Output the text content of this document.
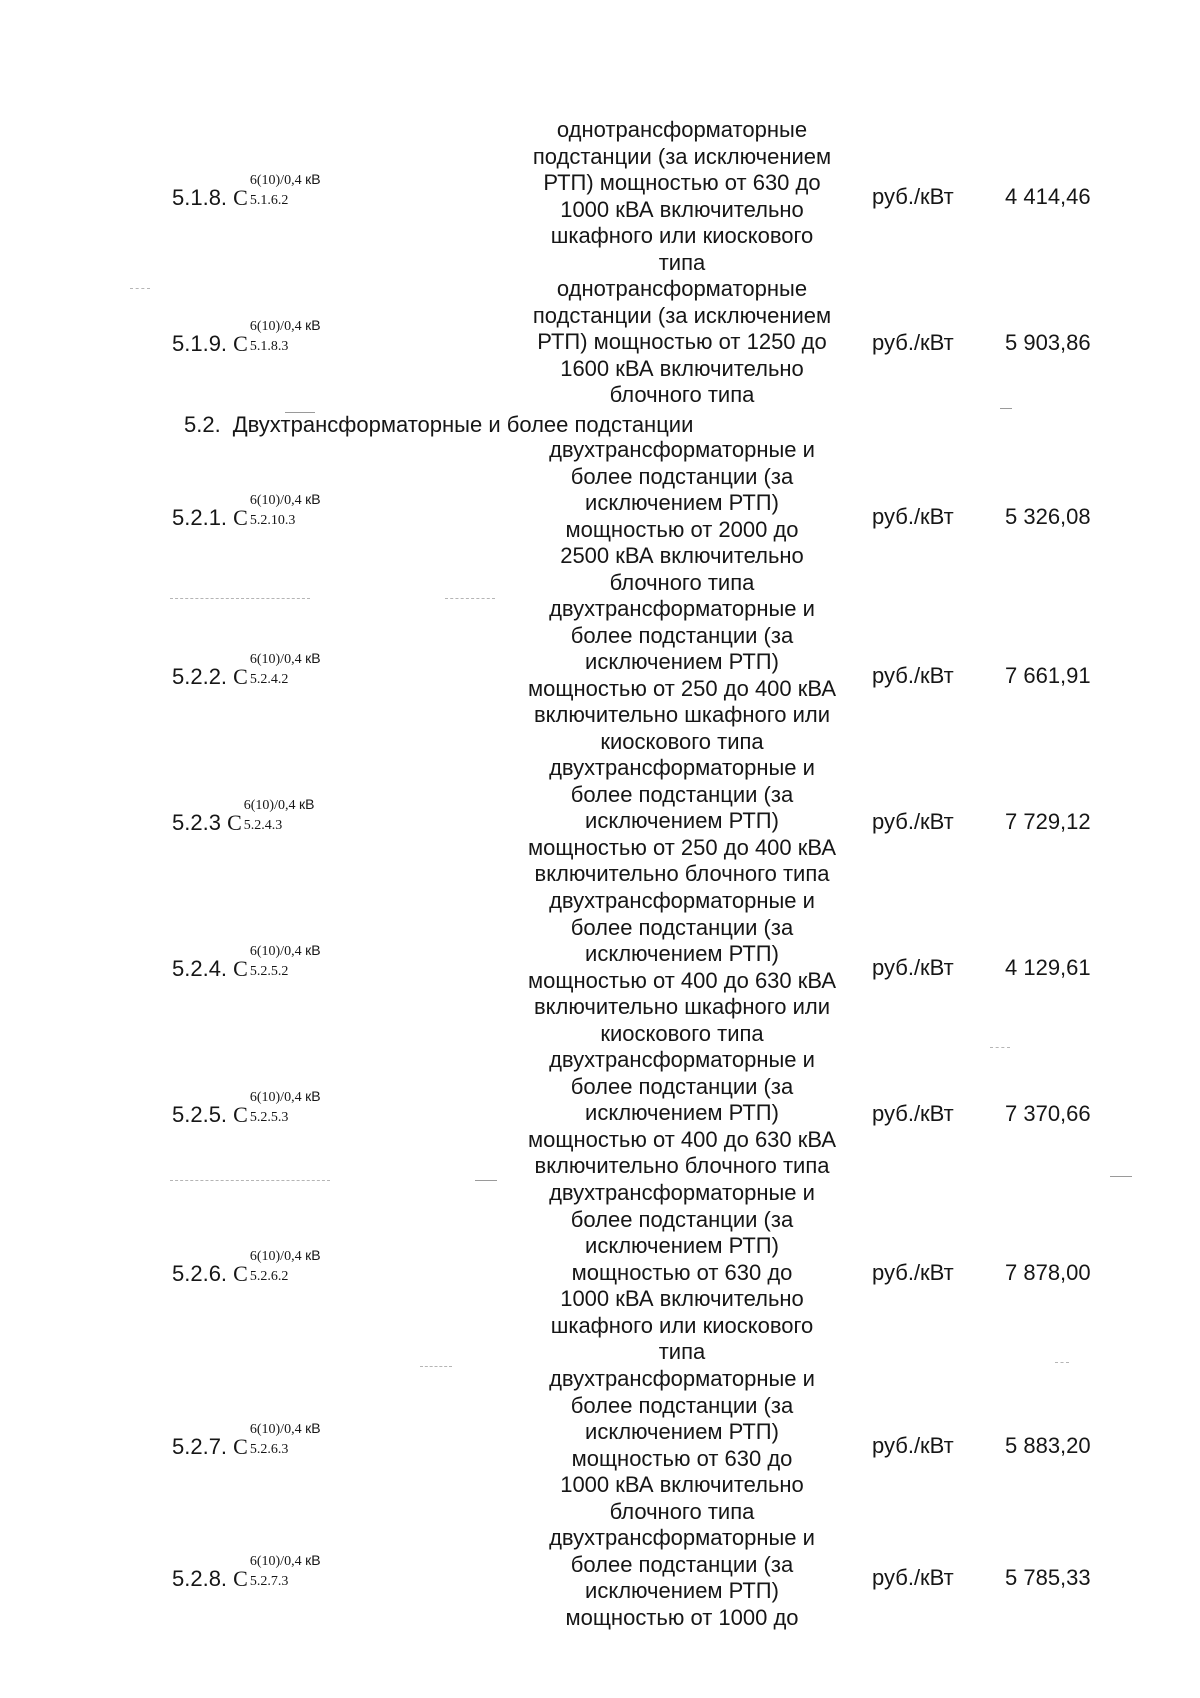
5.1.8. С
6(10)/0,4 кВ
5.1.6.2
однотрансформаторные
подстанции (за исключением
РТП) мощностью от 630 до
1000 кВА включительно
шкафного или киоскового
типа
руб./кВт 4 414,46
5.1.9. С
6(10)/0,4 кВ
5.1.8.3
однотрансформаторные
подстанции (за исключением
РТП) мощностью от 1250 до
1600 кВА включительно
блочного типа
руб./кВт 5 903,86
5.2. Двухтрансформаторные и более подстанции
5.2.1. С
6(10)/0,4 кВ
5.2.10.3
двухтрансформаторные и
более подстанции (за
исключением РТП)
мощностью от 2000 до
2500 кВА включительно
блочного типа
руб./кВт 5 326,08
5.2.2. С
6(10)/0,4 кВ
5.2.4.2
двухтрансформаторные и
более подстанции (за
исключением РТП)
мощностью от 250 до 400 кВА
включительно шкафного или
киоскового типа
руб./кВт 7 661,91
5.2.3 С
6(10)/0,4 кВ
5.2.4.3
двухтрансформаторные и
более подстанции (за
исключением РТП)
мощностью от 250 до 400 кВА
включительно блочного типа
руб./кВт 7 729,12
5.2.4. С
6(10)/0,4 кВ
5.2.5.2
двухтрансформаторные и
более подстанции (за
исключением РТП)
мощностью от 400 до 630 кВА
включительно шкафного или
киоскового типа
руб./кВт 4 129,61
5.2.5. С
6(10)/0,4 кВ
5.2.5.3
двухтрансформаторные и
более подстанции (за
исключением РТП)
мощностью от 400 до 630 кВА
включительно блочного типа
руб./кВт 7 370,66
5.2.6. С
6(10)/0,4 кВ
5.2.6.2
двухтрансформаторные и
более подстанции (за
исключением РТП)
мощностью от 630 до
1000 кВА включительно
шкафного или киоскового
типа
руб./кВт 7 878,00
5.2.7. С
6(10)/0,4 кВ
5.2.6.3
двухтрансформаторные и
более подстанции (за
исключением РТП)
мощностью от 630 до
1000 кВА включительно
блочного типа
руб./кВт 5 883,20
5.2.8. С
6(10)/0,4 кВ
5.2.7.3
двухтрансформаторные и
более подстанции (за
исключением РТП)
мощностью от 1000 до
руб./кВт 5 785,33
